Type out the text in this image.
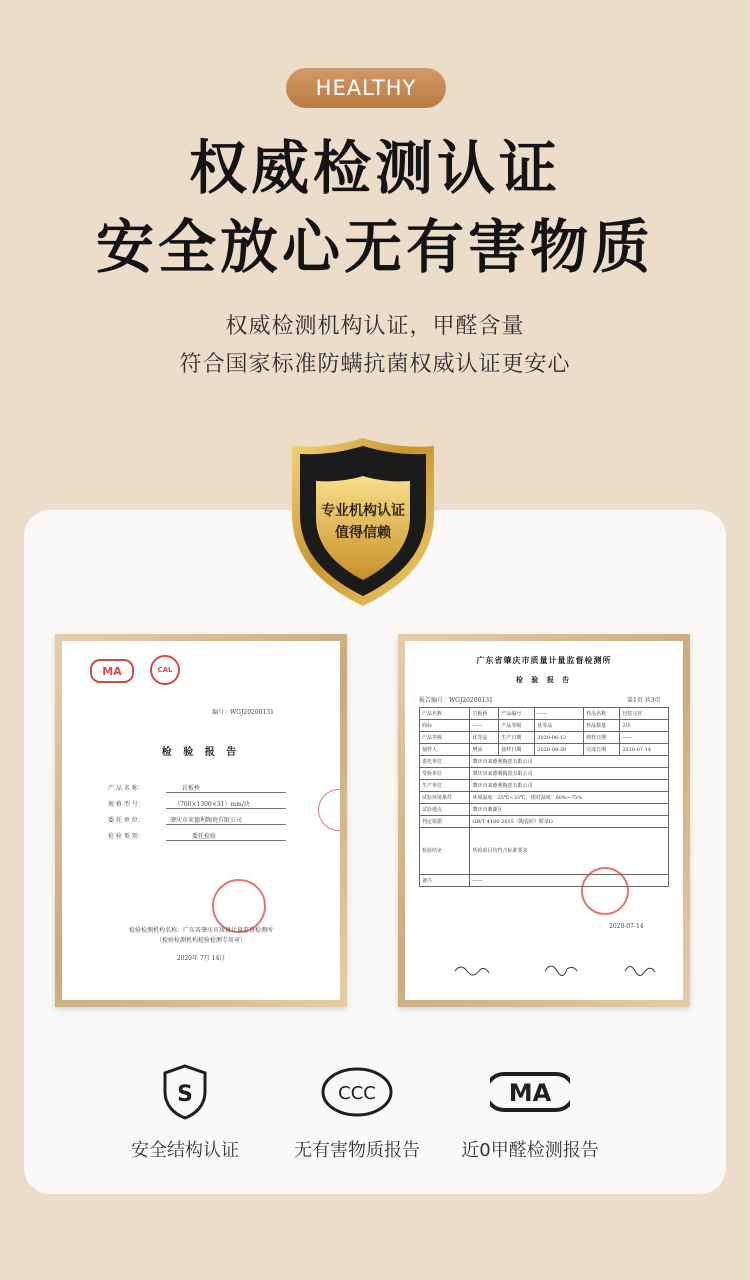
HEALTHY
权威检测认证
安全放心无有害物质
权威检测机构认证，甲醛含量
符合国家标准防螨抗菌权威认证更安心
专业机构认证
值得信赖
MA	CAL
编号：WGJ20200131
检 验 报 告
产 品 名 称：	岩板桥
规 格 型 号：	（760×1300×31）mm/块
委 托 单 位：	肇庆市来德利陶瓷有限公司
检 验 类 别：	委托检验
检验检测机构名称：广东省肇庆市质量计量监督检测所
（检验检测机构检验检测专用章）
2020年 7月 14日
广东省肇庆市质量计量监督检测所
检 验 报 告
报告编号：WGJ20200131	第1页 共3页
产品名称	岩板桥	产品编号	——	样品名称	包装完好
商标	——	产品等级	优等品	样品数量	2块
产品等级	优等品	生产日期	2020-06-12	到样日期	——
抽样人	樊添	接样日期	2020-06-30	完成日期	2020-07-14
委托单位	肇庆市来德利陶瓷有限公司				
受检单位	肇庆市来德利陶瓷有限公司				
生产单位	肇庆市来德利陶瓷有限公司				
试验环境条件	环境温度：25℃~33℃，相对湿度：60%~75%				
试验地点	肇庆市鼎湖区				
判定依据	GB/T 4100-2015《陶瓷砖》附录G				
检验结论	所检项目均符合标准要求				
备注	——				
2020-07-14
S	CCC	MA
安全结构认证	无有害物质报告	近0甲醛检测报告
